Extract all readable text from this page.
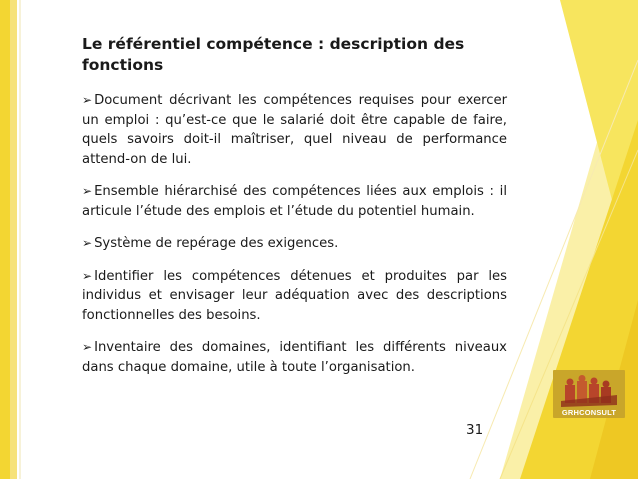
Le référentiel compétence : description des fonctions

➢ Document décrivant les compétences requises pour exercer un emploi : qu’est-ce que le salarié doit être capable de faire, quels savoirs doit-il maîtriser, quel niveau de performance attend-on de lui.

➢ Ensemble hiérarchisé des compétences liées aux emplois : il articule l’étude des emplois et l’étude du potentiel humain.

➢ Système de repérage des exigences.

➢ Identifier les compétences détenues et produites par les individus et envisager leur adéquation avec des descriptions fonctionnelles des besoins.

➢ Inventaire des domaines, identifiant les différents niveaux dans chaque domaine, utile à toute l’organisation.

31
GRHCONSULT
